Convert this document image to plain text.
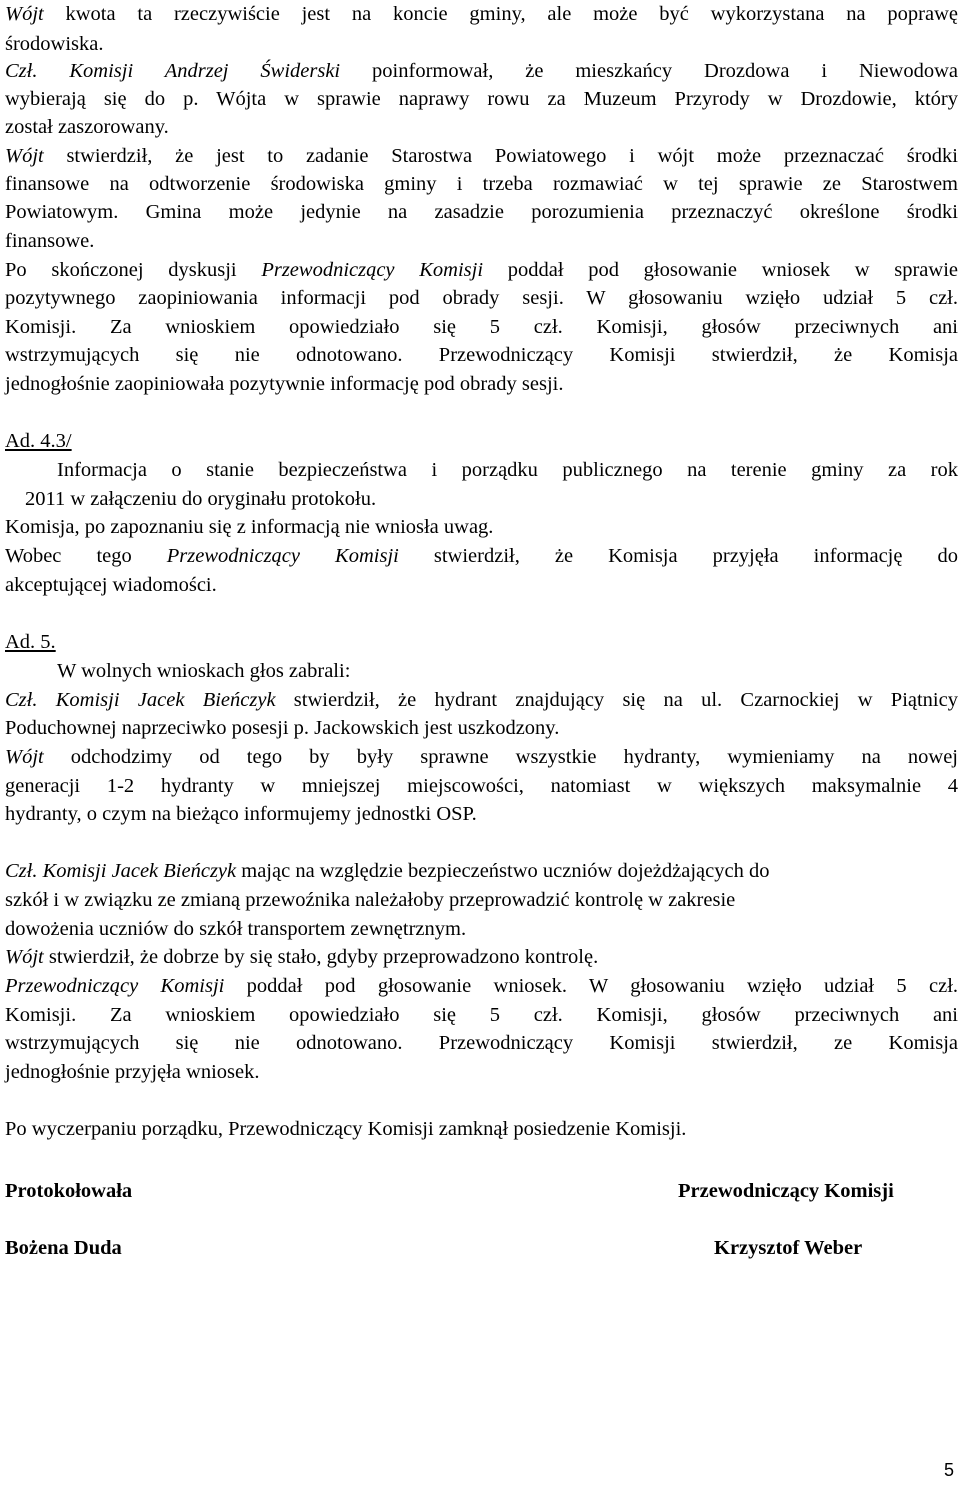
Wójt kwota ta rzeczywiście jest na koncie gminy, ale może być wykorzystana na poprawę
środowiska.
Czł. Komisji Andrzej Świderski poinformował, że mieszkańcy Drozdowa i Niewodowa
wybierają się do p. Wójta w sprawie naprawy rowu za Muzeum Przyrody w Drozdowie, który
został zaszorowany.
Wójt stwierdził, że jest to zadanie Starostwa Powiatowego i wójt może przeznaczać środki
finansowe na odtworzenie środowiska gminy i trzeba rozmawiać w tej sprawie ze Starostwem
Powiatowym. Gmina może jedynie na zasadzie porozumienia przeznaczyć określone środki
finansowe.
Po skończonej dyskusji Przewodniczący Komisji poddał pod głosowanie wniosek w sprawie
pozytywnego zaopiniowania informacji pod obrady sesji. W głosowaniu wzięło udział 5 czł.
Komisji. Za wnioskiem opowiedziało się 5 czł. Komisji, głosów przeciwnych ani
wstrzymujących się nie odnotowano. Przewodniczący Komisji stwierdził, że Komisja
jednogłośnie zaopiniowała pozytywnie informację pod obrady sesji.
Ad. 4.3/
Informacja o stanie bezpieczeństwa i porządku publicznego na terenie gminy za rok
2011 w załączeniu do oryginału protokołu.
Komisja, po zapoznaniu się z informacją nie wniosła uwag.
Wobec tego Przewodniczący Komisji stwierdził, że Komisja przyjęła informację do
akceptującej wiadomości.
Ad. 5.
W wolnych wnioskach głos zabrali:
Czł. Komisji Jacek Bieńczyk stwierdził, że hydrant znajdujący się na ul. Czarnockiej w Piątnicy
Poduchownej naprzeciwko posesji p. Jackowskich jest uszkodzony.
Wójt odchodzimy od tego by były sprawne wszystkie hydranty, wymieniamy na nowej
generacji 1-2 hydranty w mniejszej miejscowości, natomiast w większych maksymalnie 4
hydranty, o czym na bieżąco informujemy jednostki OSP.
Czł. Komisji Jacek Bieńczyk mając na względzie bezpieczeństwo uczniów dojeżdżających do
szkół i w związku ze zmianą przewoźnika należałoby przeprowadzić kontrolę w zakresie
dowożenia uczniów do szkół transportem zewnętrznym.
Wójt stwierdził, że dobrze by się stało, gdyby przeprowadzono kontrolę.
Przewodniczący Komisji poddał pod głosowanie wniosek. W głosowaniu wzięło udział 5 czł.
Komisji. Za wnioskiem opowiedziało się 5 czł. Komisji, głosów przeciwnych ani
wstrzymujących się nie odnotowano. Przewodniczący Komisji stwierdził, ze Komisja
jednogłośnie przyjęła wniosek.
Po wyczerpaniu porządku, Przewodniczący Komisji zamknął posiedzenie Komisji.
Protokołowała	Przewodniczący Komisji
Bożena Duda	Krzysztof Weber
5
